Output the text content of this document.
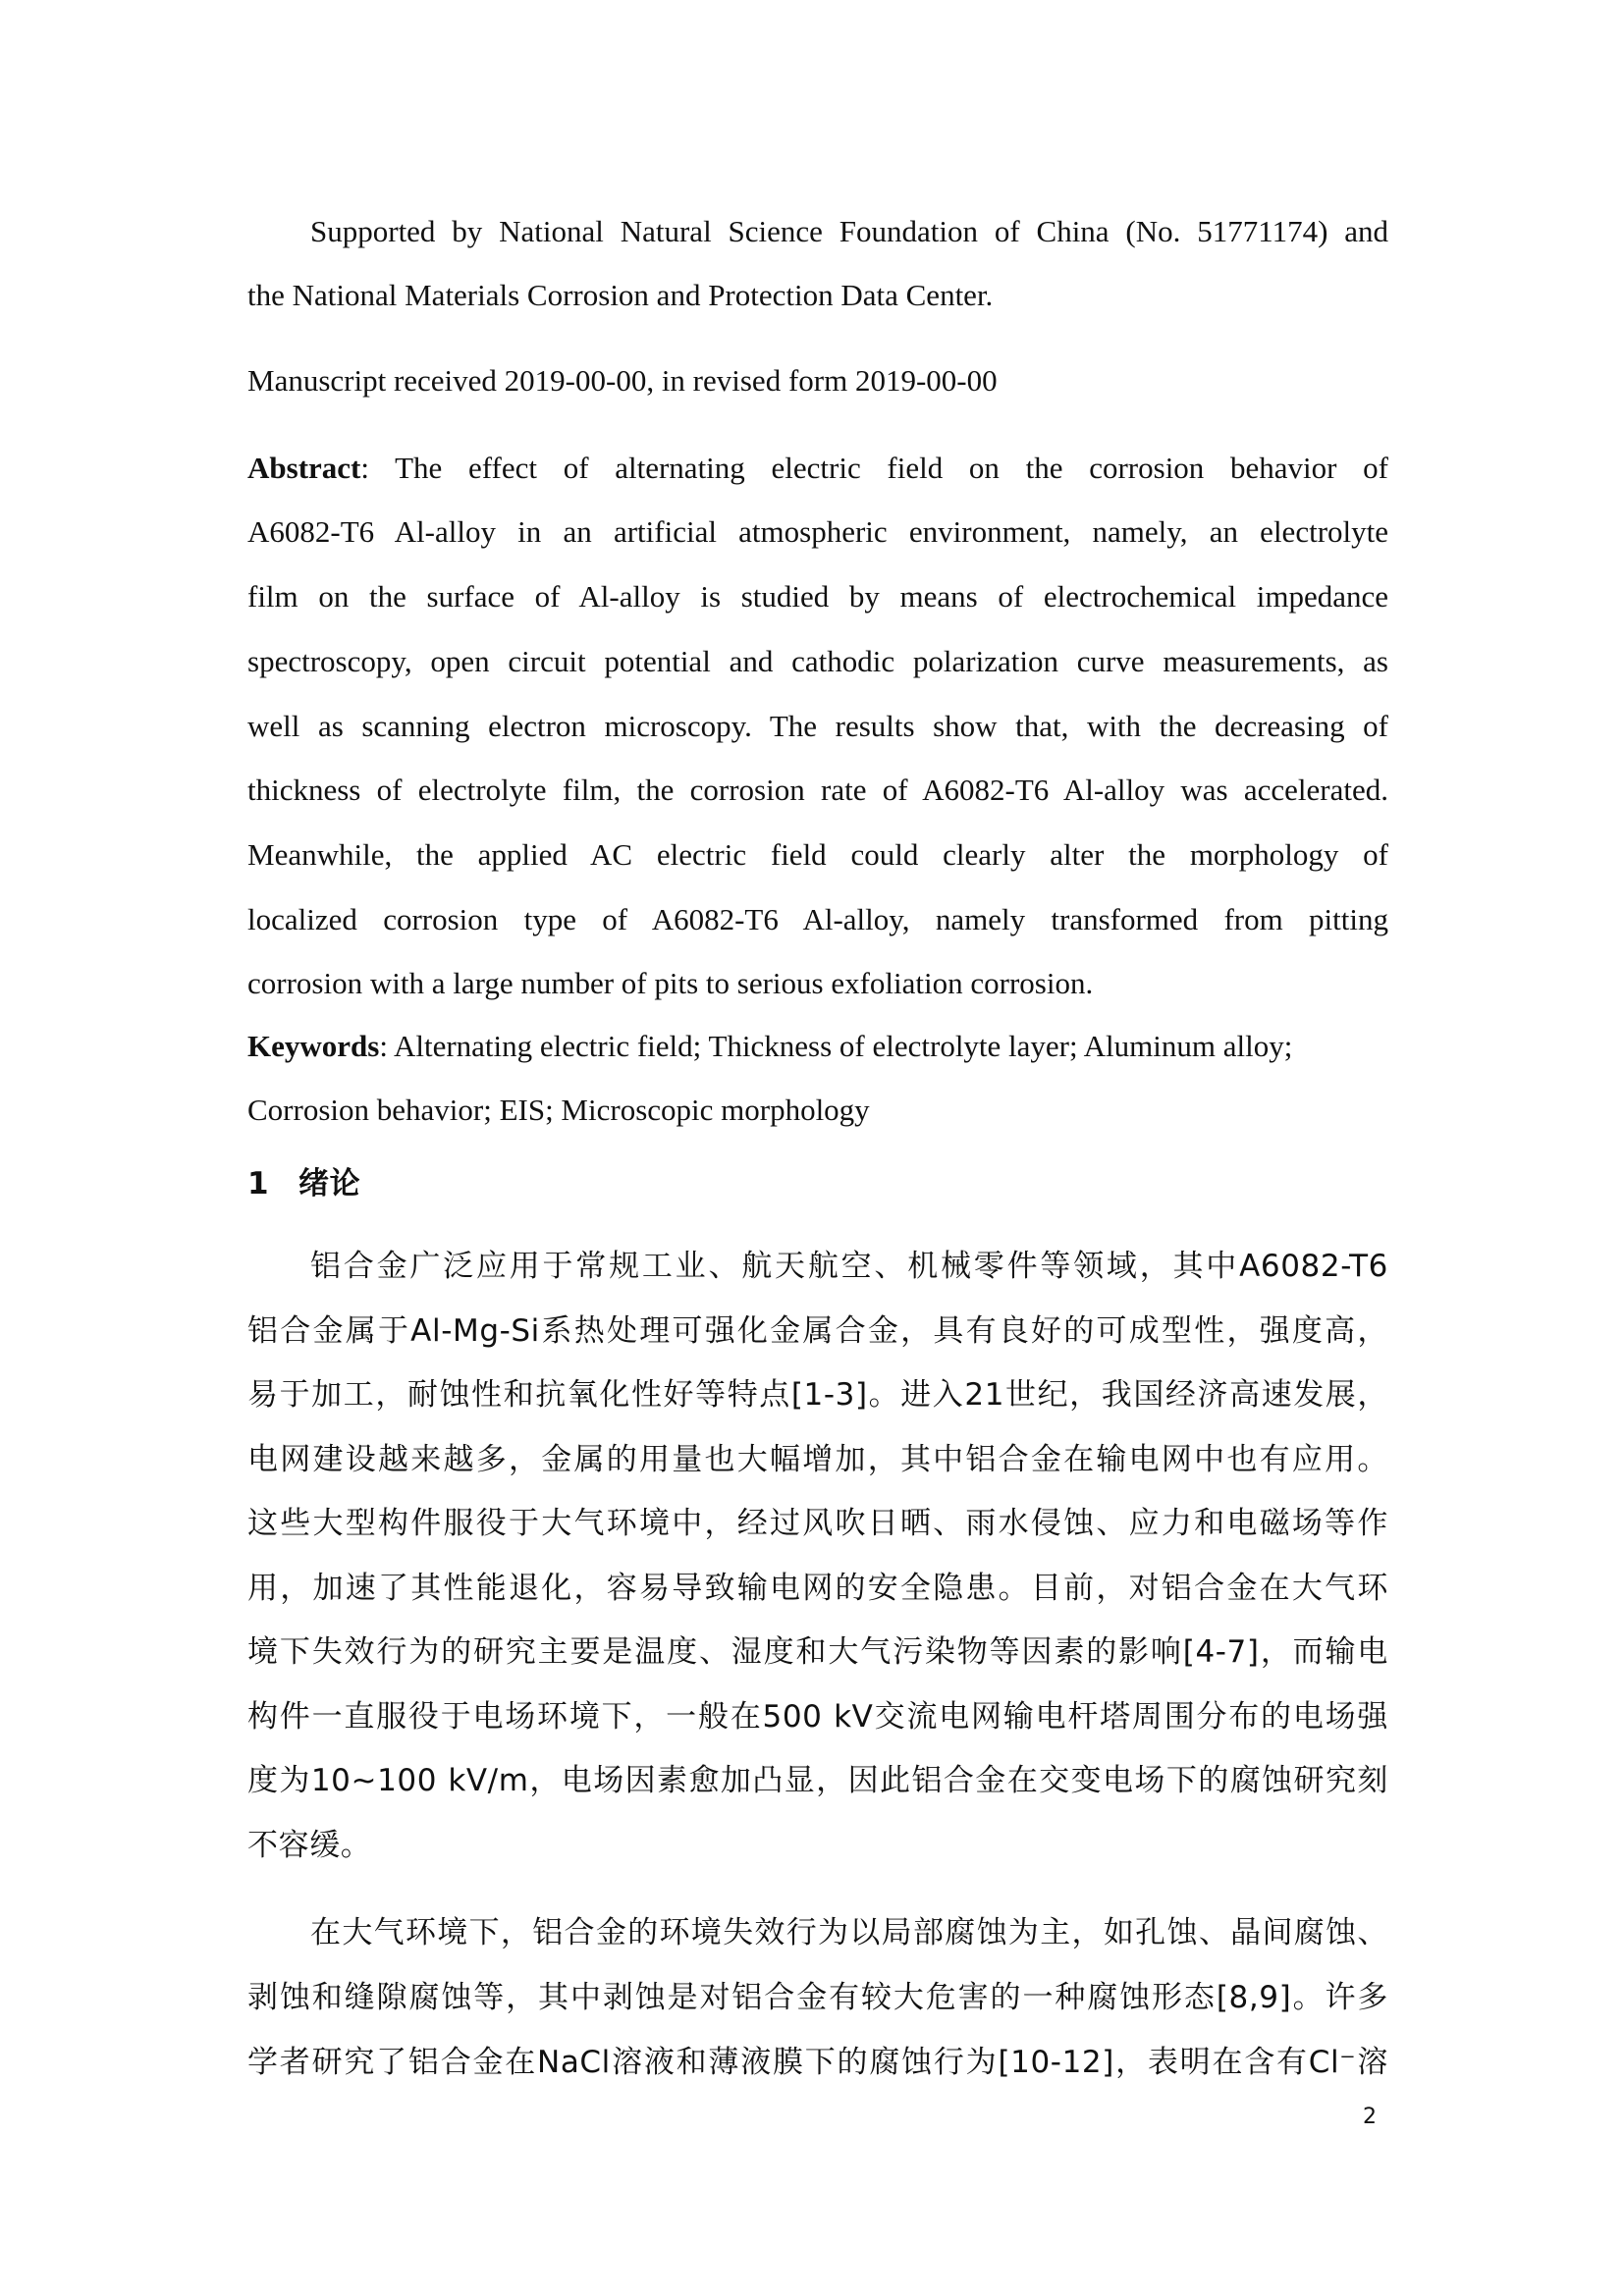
Supported by National Natural Science Foundation of China (No. 51771174) and
the National Materials Corrosion and Protection Data Center.
Manuscript received 2019-00-00, in revised form 2019-00-00
Abstract: The effect of alternating electric field on the corrosion behavior of
A6082-T6 Al-alloy in an artificial atmospheric environment, namely, an electrolyte
film on the surface of Al-alloy is studied by means of electrochemical impedance
spectroscopy, open circuit potential and cathodic polarization curve measurements, as
well as scanning electron microscopy. The results show that, with the decreasing of
thickness of electrolyte film, the corrosion rate of A6082-T6 Al-alloy was accelerated.
Meanwhile, the applied AC electric field could clearly alter the morphology of
localized corrosion type of A6082-T6 Al-alloy, namely transformed from pitting
corrosion with a large number of pits to serious exfoliation corrosion.
Keywords: Alternating electric field; Thickness of electrolyte layer; Aluminum alloy;
Corrosion behavior; EIS; Microscopic morphology
1 绪论
铝合金广泛应用于常规工业、航天航空、机械零件等领域，其中A6082-T6
铝合金属于Al-Mg-Si系热处理可强化金属合金，具有良好的可成型性，强度高，
易于加工，耐蚀性和抗氧化性好等特点[1-3]。进入21世纪，我国经济高速发展，
电网建设越来越多，金属的用量也大幅增加，其中铝合金在输电网中也有应用。
这些大型构件服役于大气环境中，经过风吹日晒、雨水侵蚀、应力和电磁场等作
用，加速了其性能退化，容易导致输电网的安全隐患。目前，对铝合金在大气环
境下失效行为的研究主要是温度、湿度和大气污染物等因素的影响[4-7]，而输电
构件一直服役于电场环境下，一般在500 kV交流电网输电杆塔周围分布的电场强
度为10~100 kV/m，电场因素愈加凸显，因此铝合金在交变电场下的腐蚀研究刻
不容缓。
在大气环境下，铝合金的环境失效行为以局部腐蚀为主，如孔蚀、晶间腐蚀、
剥蚀和缝隙腐蚀等，其中剥蚀是对铝合金有较大危害的一种腐蚀形态[8,9]。许多
学者研究了铝合金在NaCl溶液和薄液膜下的腐蚀行为[10-12]，表明在含有Cl⁻溶
2
